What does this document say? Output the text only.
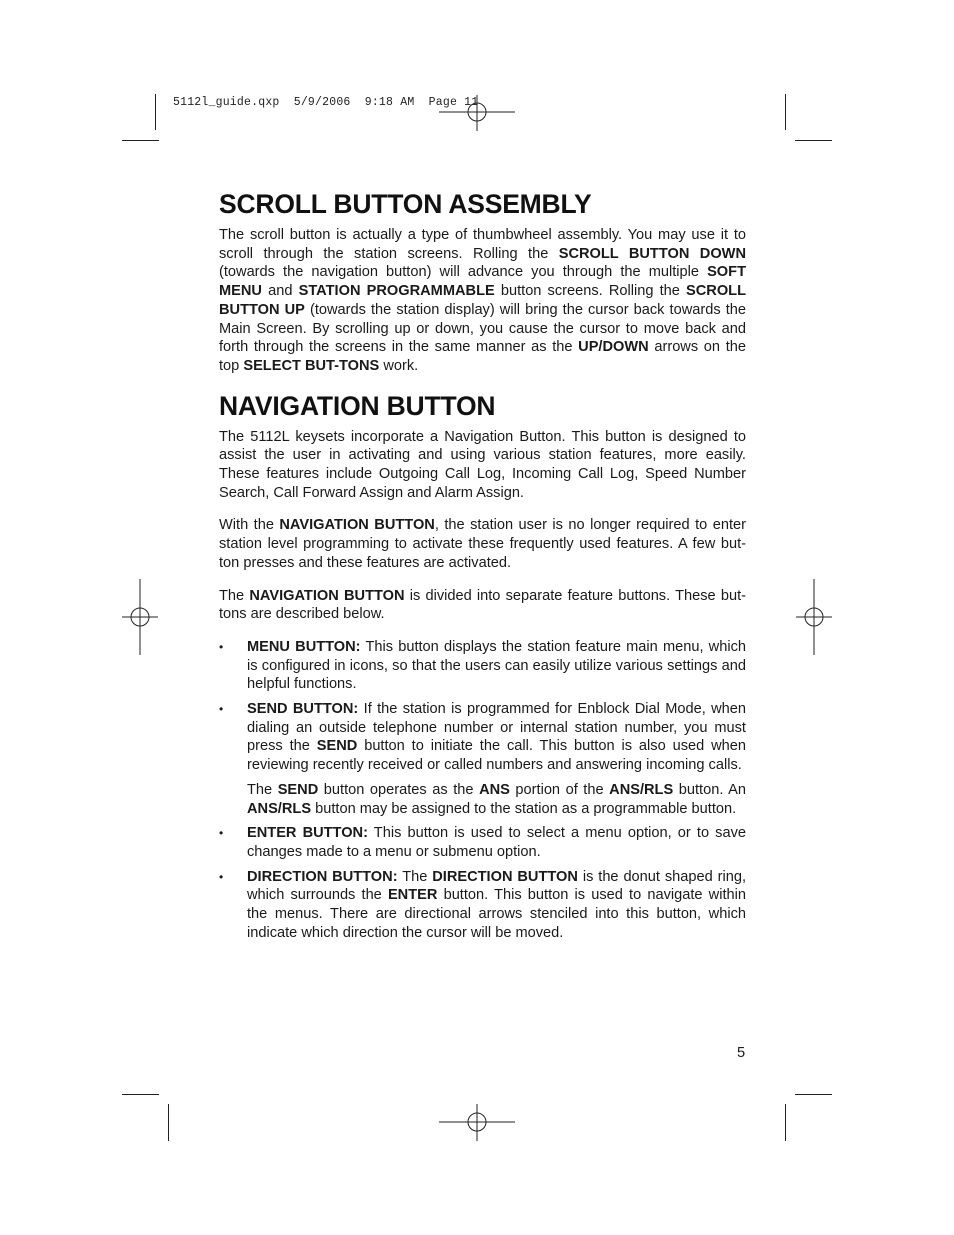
5112l_guide.qxp  5/9/2006  9:18 AM  Page 11
SCROLL BUTTON ASSEMBLY

The scroll button is actually a type of thumbwheel assembly. You may use it to scroll through the station screens. Rolling the SCROLL BUTTON DOWN (towards the navigation button) will advance you through the multiple SOFT MENU and STATION PROGRAMMABLE button screens. Rolling the SCROLL BUTTON UP (towards the station display) will bring the cursor back towards the Main Screen. By scrolling up or down, you cause the cursor to move back and forth through the screens in the same manner as the UP/DOWN arrows on the top SELECT BUT-TONS work.

NAVIGATION BUTTON

The 5112L keysets incorporate a Navigation Button. This button is designed to assist the user in activating and using various station features, more easily. These features include Outgoing Call Log, Incoming Call Log, Speed Number Search, Call Forward Assign and Alarm Assign.

With the NAVIGATION BUTTON, the station user is no longer required to enter station level programming to activate these frequently used features. A few but-ton presses and these features are activated.

The NAVIGATION BUTTON is divided into separate feature buttons. These but-tons are described below.

• MENU BUTTON: This button displays the station feature main menu, which is configured in icons, so that the users can easily utilize various settings and helpful functions.
• SEND BUTTON: If the station is programmed for Enblock Dial Mode, when dialing an outside telephone number or internal station number, you must press the SEND button to initiate the call. This button is also used when reviewing recently received or called numbers and answering incoming calls.

The SEND button operates as the ANS portion of the ANS/RLS button. An ANS/RLS button may be assigned to the station as a programmable button.

• ENTER BUTTON: This button is used to select a menu option, or to save changes made to a menu or submenu option.
• DIRECTION BUTTON: The DIRECTION BUTTON is the donut shaped ring, which surrounds the ENTER button. This button is used to navigate within the menus. There are directional arrows stenciled into this button, which indicate which direction the cursor will be moved.
5
